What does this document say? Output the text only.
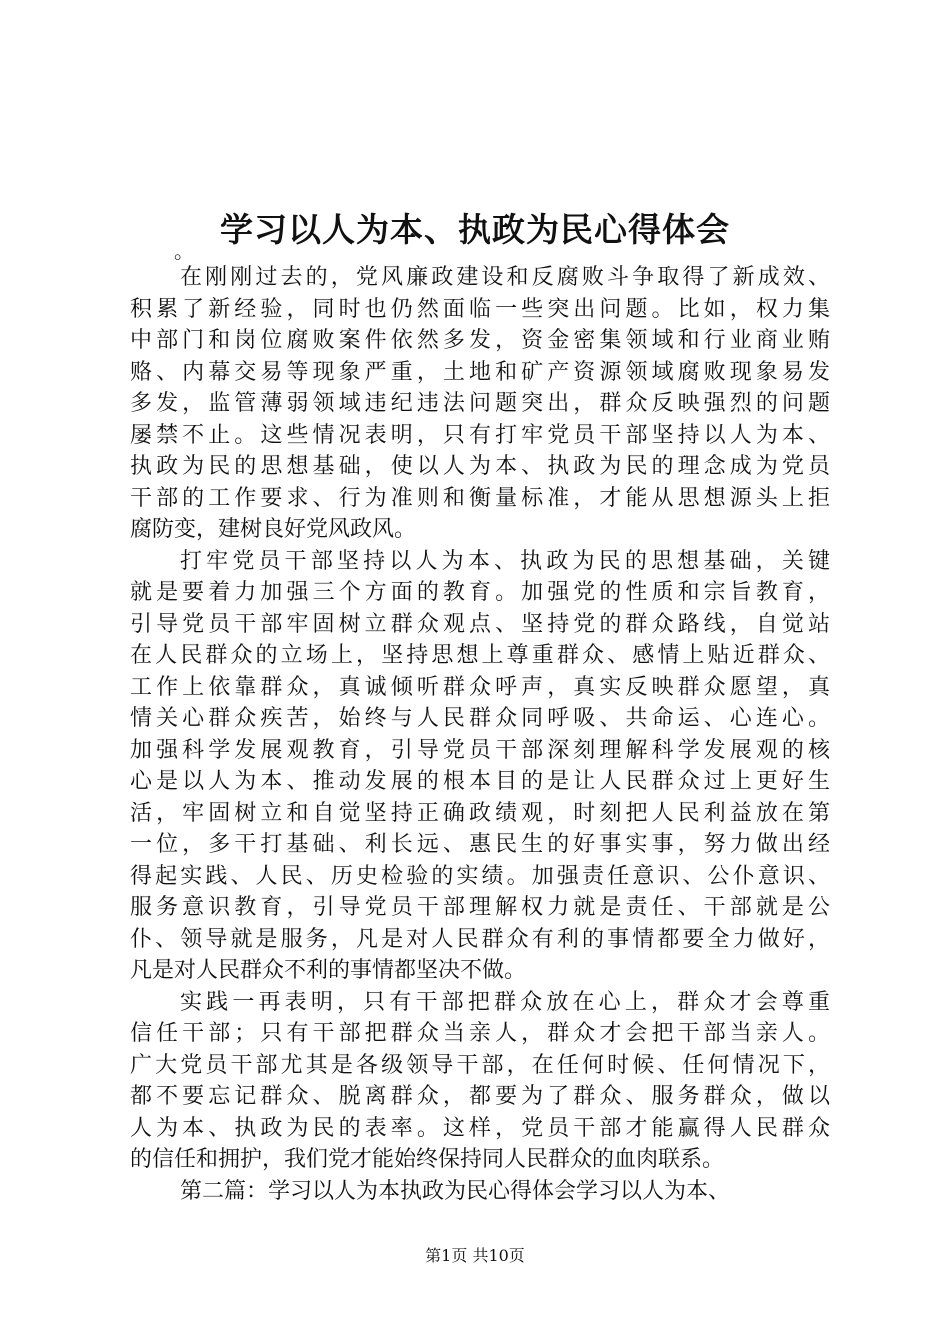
学习以人为本、执政为民心得体会
。
在刚刚过去的，党风廉政建设和反腐败斗争取得了新成效、
积累了新经验，同时也仍然面临一些突出问题。比如，权力集
中部门和岗位腐败案件依然多发，资金密集领域和行业商业贿
赂、内幕交易等现象严重，土地和矿产资源领域腐败现象易发
多发，监管薄弱领域违纪违法问题突出，群众反映强烈的问题
屡禁不止。这些情况表明，只有打牢党员干部坚持以人为本、
执政为民的思想基础，使以人为本、执政为民的理念成为党员
干部的工作要求、行为准则和衡量标准，才能从思想源头上拒
腐防变，建树良好党风政风。
打牢党员干部坚持以人为本、执政为民的思想基础，关键
就是要着力加强三个方面的教育。加强党的性质和宗旨教育，
引导党员干部牢固树立群众观点、坚持党的群众路线，自觉站
在人民群众的立场上，坚持思想上尊重群众、感情上贴近群众、
工作上依靠群众，真诚倾听群众呼声，真实反映群众愿望，真
情关心群众疾苦，始终与人民群众同呼吸、共命运、心连心。
加强科学发展观教育，引导党员干部深刻理解科学发展观的核
心是以人为本、推动发展的根本目的是让人民群众过上更好生
活，牢固树立和自觉坚持正确政绩观，时刻把人民利益放在第
一位，多干打基础、利长远、惠民生的好事实事，努力做出经
得起实践、人民、历史检验的实绩。加强责任意识、公仆意识、
服务意识教育，引导党员干部理解权力就是责任、干部就是公
仆、领导就是服务，凡是对人民群众有利的事情都要全力做好，
凡是对人民群众不利的事情都坚决不做。
实践一再表明，只有干部把群众放在心上，群众才会尊重
信任干部；只有干部把群众当亲人，群众才会把干部当亲人。
广大党员干部尤其是各级领导干部，在任何时候、任何情况下，
都不要忘记群众、脱离群众，都要为了群众、服务群众，做以
人为本、执政为民的表率。这样，党员干部才能赢得人民群众
的信任和拥护，我们党才能始终保持同人民群众的血肉联系。
第二篇：学习以人为本执政为民心得体会学习以人为本、
第1页 共10页
